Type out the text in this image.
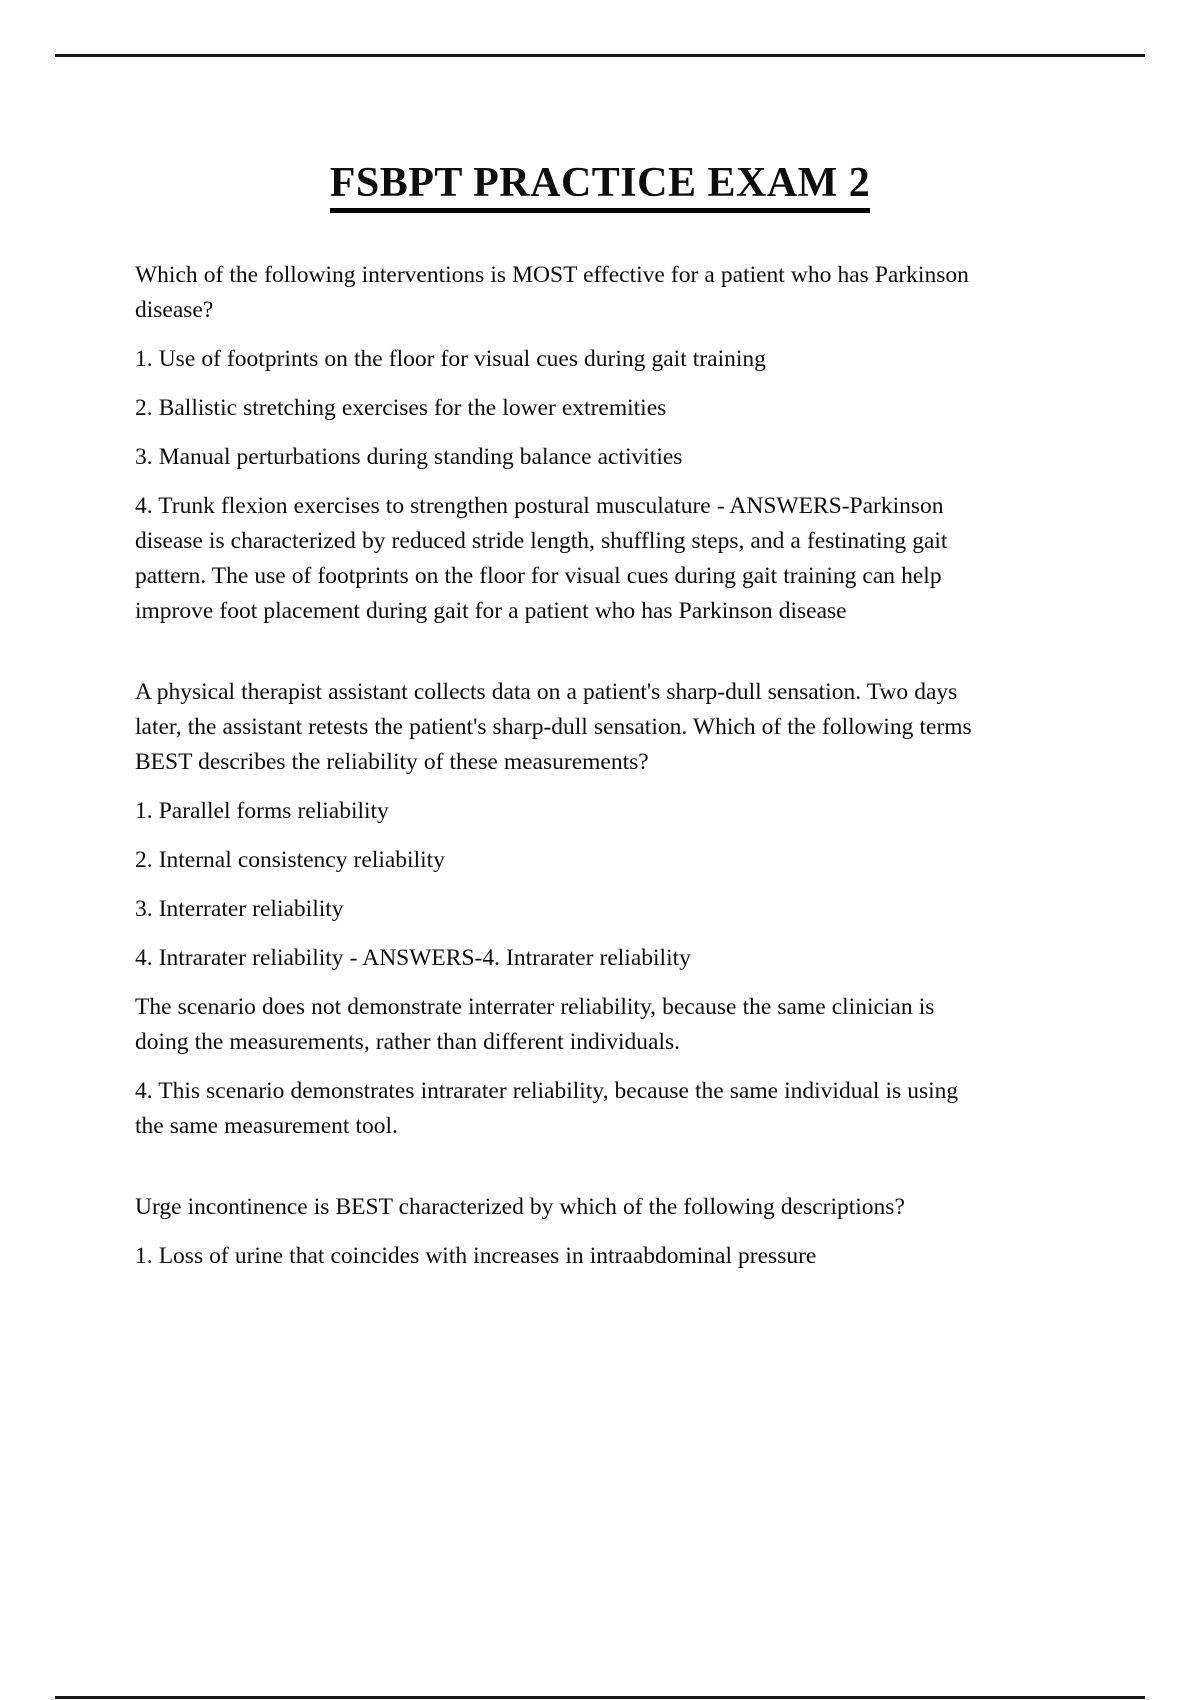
FSBPT PRACTICE EXAM 2

Which of the following interventions is MOST effective for a patient who has Parkinson disease?

1. Use of footprints on the floor for visual cues during gait training

2. Ballistic stretching exercises for the lower extremities

3. Manual perturbations during standing balance activities

4. Trunk flexion exercises to strengthen postural musculature - ANSWERS-Parkinson disease is characterized by reduced stride length, shuffling steps, and a festinating gait pattern. The use of footprints on the floor for visual cues during gait training can help improve foot placement during gait for a patient who has Parkinson disease

A physical therapist assistant collects data on a patient's sharp-dull sensation. Two days later, the assistant retests the patient's sharp-dull sensation. Which of the following terms BEST describes the reliability of these measurements?

1. Parallel forms reliability

2. Internal consistency reliability

3. Interrater reliability

4. Intrarater reliability - ANSWERS-4. Intrarater reliability

The scenario does not demonstrate interrater reliability, because the same clinician is doing the measurements, rather than different individuals.

4. This scenario demonstrates intrarater reliability, because the same individual is using the same measurement tool.

Urge incontinence is BEST characterized by which of the following descriptions?

1. Loss of urine that coincides with increases in intraabdominal pressure
